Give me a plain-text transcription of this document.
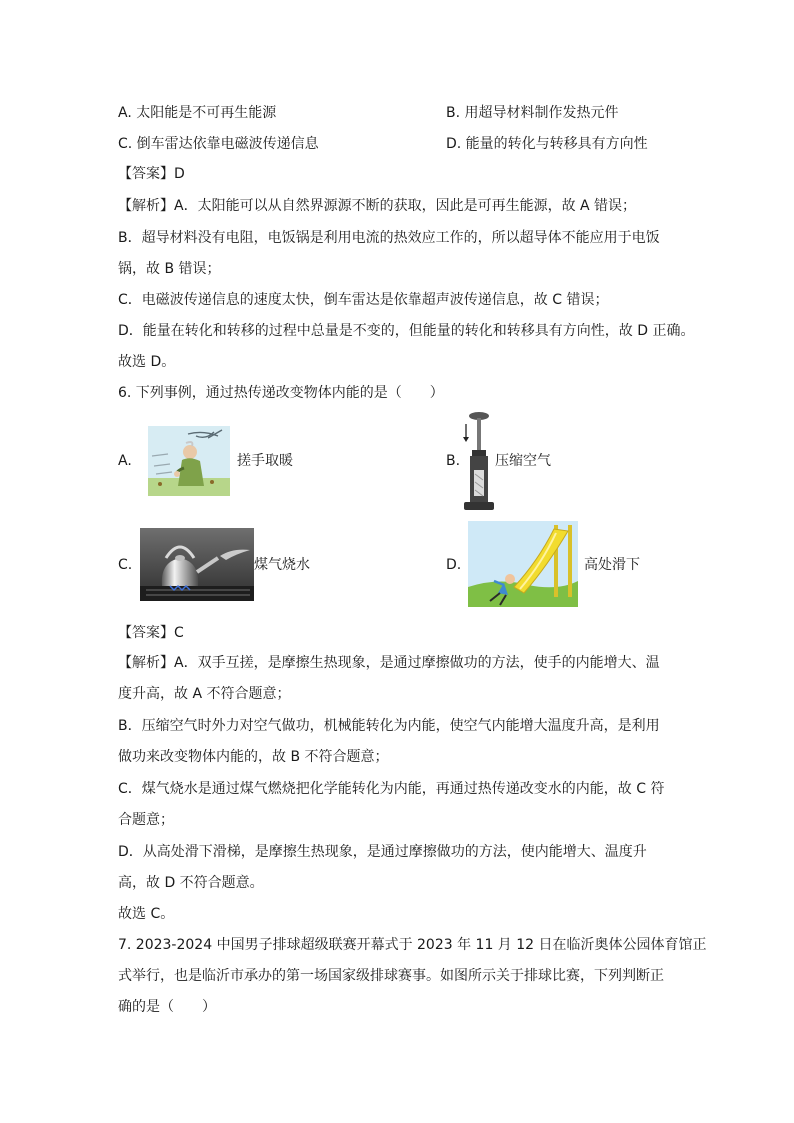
A. 太阳能是不可再生能源	B. 用超导材料制作发热元件
C. 倒车雷达依靠电磁波传递信息	D. 能量的转化与转移具有方向性
【答案】D
【解析】A．太阳能可以从自然界源源不断的获取，因此是可再生能源，故 A 错误；
B．超导材料没有电阻，电饭锅是利用电流的热效应工作的，所以超导体不能应用于电饭
锅，故 B 错误；
C．电磁波传递信息的速度太快，倒车雷达是依靠超声波传递信息，故 C 错误；
D．能量在转化和转移的过程中总量是不变的，但能量的转化和转移具有方向性，故 D 正确。
故选 D。
6. 下列事例，通过热传递改变物体内能的是（　　）
A.	搓手取暖	B. 压缩空气
C.	煤气烧水	D.	高处滑下
【答案】C
【解析】A．双手互搓，是摩擦生热现象，是通过摩擦做功的方法，使手的内能增大、温
度升高，故 A 不符合题意；
B．压缩空气时外力对空气做功，机械能转化为内能，使空气内能增大温度升高，是利用
做功来改变物体内能的，故 B 不符合题意；
C．煤气烧水是通过煤气燃烧把化学能转化为内能，再通过热传递改变水的内能，故 C 符
合题意；
D．从高处滑下滑梯，是摩擦生热现象，是通过摩擦做功的方法，使内能增大、温度升
高，故 D 不符合题意。
故选 C。
7. 2023-2024 中国男子排球超级联赛开幕式于 2023 年 11 月 12 日在临沂奥体公园体育馆正
式举行，也是临沂市承办的第一场国家级排球赛事。如图所示关于排球比赛，下列判断正
确的是（　　）
